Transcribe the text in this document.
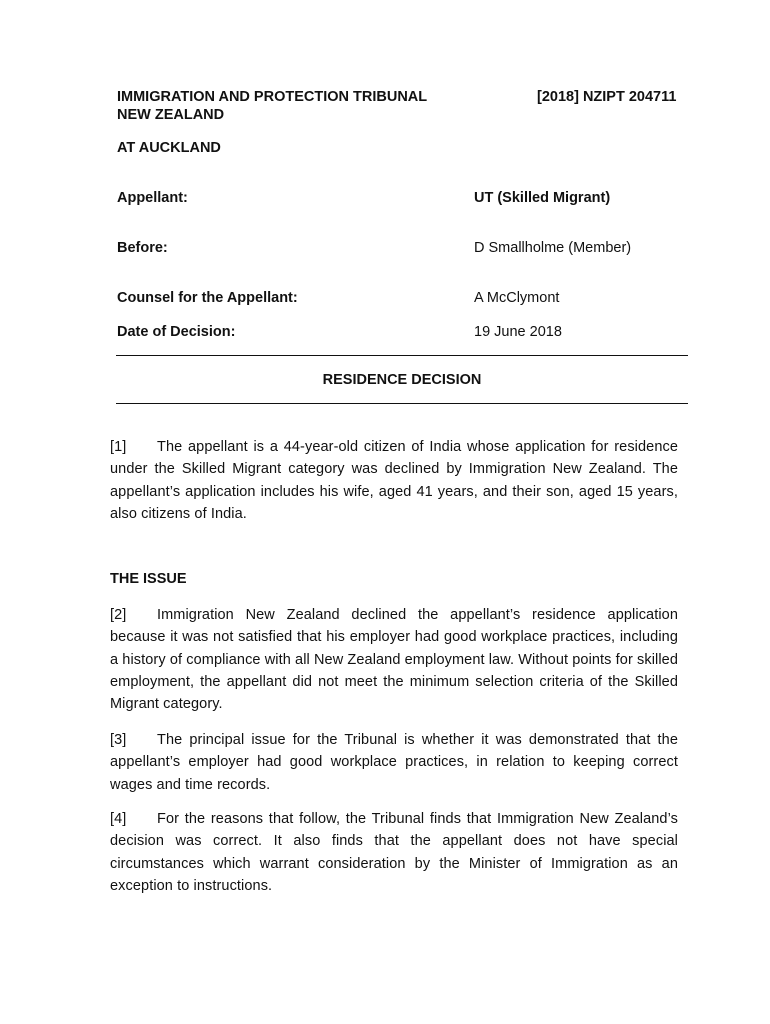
IMMIGRATION AND PROTECTION TRIBUNAL
NEW ZEALAND
[2018] NZIPT 204711
AT AUCKLAND
Appellant:	UT (Skilled Migrant)
Before:	D Smallholme (Member)
Counsel for the Appellant:	A McClymont
Date of Decision:	19 June 2018
RESIDENCE DECISION
[1] The appellant is a 44-year-old citizen of India whose application for residence under the Skilled Migrant category was declined by Immigration New Zealand. The appellant’s application includes his wife, aged 41 years, and their son, aged 15 years, also citizens of India.
THE ISSUE
[2] Immigration New Zealand declined the appellant’s residence application because it was not satisfied that his employer had good workplace practices, including a history of compliance with all New Zealand employment law. Without points for skilled employment, the appellant did not meet the minimum selection criteria of the Skilled Migrant category.
[3] The principal issue for the Tribunal is whether it was demonstrated that the appellant’s employer had good workplace practices, in relation to keeping correct wages and time records.
[4] For the reasons that follow, the Tribunal finds that Immigration New Zealand’s decision was correct. It also finds that the appellant does not have special circumstances which warrant consideration by the Minister of Immigration as an exception to instructions.
